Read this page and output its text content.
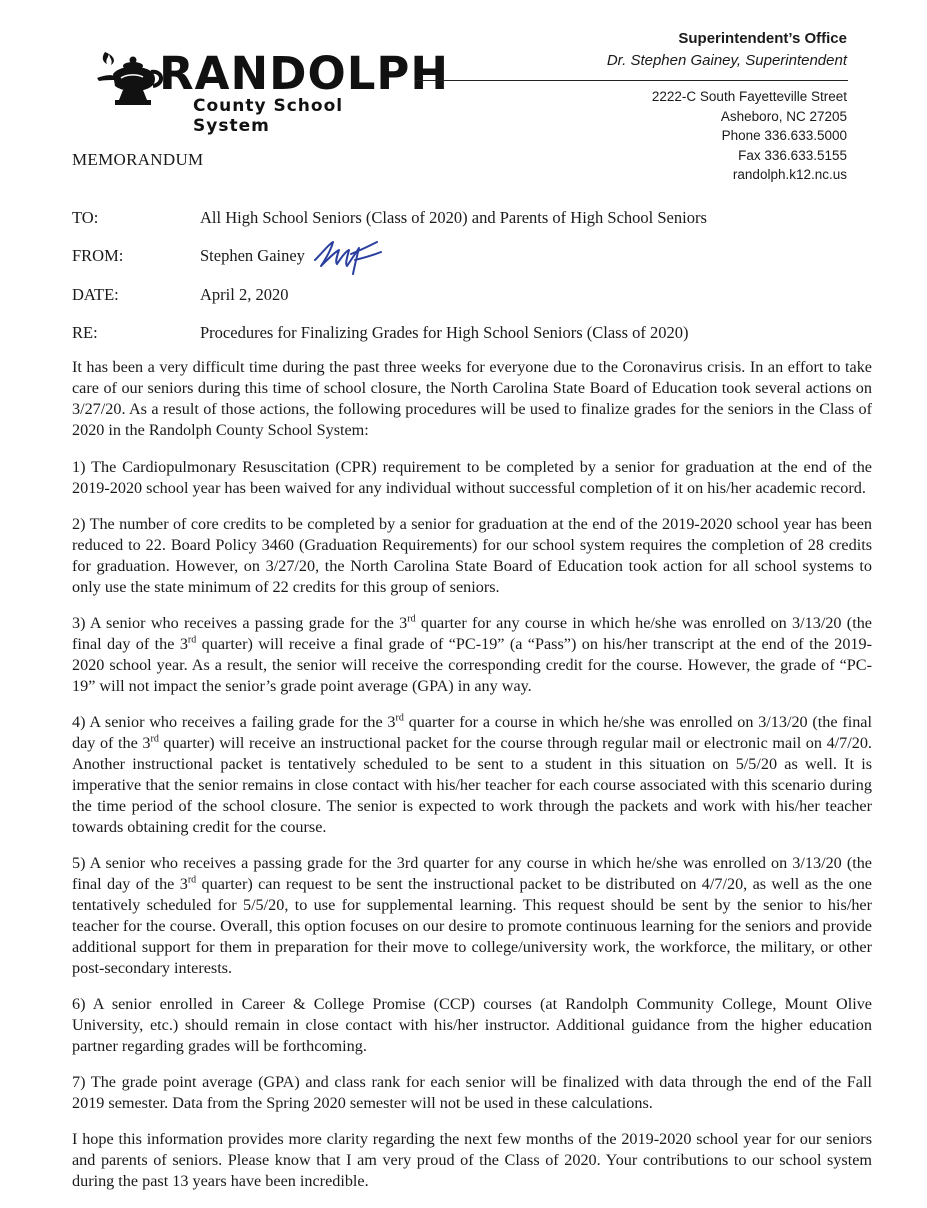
RANDOLPH
County School System
Superintendent’s Office
Dr. Stephen Gainey, Superintendent
2222-C South Fayetteville Street
Asheboro, NC 27205
Phone 336.633.5000
Fax 336.633.5155
randolph.k12.nc.us
MEMORANDUM
TO:	All High School Seniors (Class of 2020) and Parents of High School Seniors
FROM:	Stephen Gainey
DATE:	April 2, 2020
RE:	Procedures for Finalizing Grades for High School Seniors (Class of 2020)

It has been a very difficult time during the past three weeks for everyone due to the Coronavirus crisis. In an effort to take care of our seniors during this time of school closure, the North Carolina State Board of Education took several actions on 3/27/20. As a result of those actions, the following procedures will be used to finalize grades for the seniors in the Class of 2020 in the Randolph County School System:

1) The Cardiopulmonary Resuscitation (CPR) requirement to be completed by a senior for graduation at the end of the 2019-2020 school year has been waived for any individual without successful completion of it on his/her academic record.

2) The number of core credits to be completed by a senior for graduation at the end of the 2019-2020 school year has been reduced to 22. Board Policy 3460 (Graduation Requirements) for our school system requires the completion of 28 credits for graduation. However, on 3/27/20, the North Carolina State Board of Education took action for all school systems to only use the state minimum of 22 credits for this group of seniors.

3) A senior who receives a passing grade for the 3rd quarter for any course in which he/she was enrolled on 3/13/20 (the final day of the 3rd quarter) will receive a final grade of “PC-19” (a “Pass”) on his/her transcript at the end of the 2019-2020 school year. As a result, the senior will receive the corresponding credit for the course. However, the grade of “PC-19” will not impact the senior’s grade point average (GPA) in any way.

4) A senior who receives a failing grade for the 3rd quarter for a course in which he/she was enrolled on 3/13/20 (the final day of the 3rd quarter) will receive an instructional packet for the course through regular mail or electronic mail on 4/7/20. Another instructional packet is tentatively scheduled to be sent to a student in this situation on 5/5/20 as well. It is imperative that the senior remains in close contact with his/her teacher for each course associated with this scenario during the time period of the school closure. The senior is expected to work through the packets and work with his/her teacher towards obtaining credit for the course.

5) A senior who receives a passing grade for the 3rd quarter for any course in which he/she was enrolled on 3/13/20 (the final day of the 3rd quarter) can request to be sent the instructional packet to be distributed on 4/7/20, as well as the one tentatively scheduled for 5/5/20, to use for supplemental learning. This request should be sent by the senior to his/her teacher for the course. Overall, this option focuses on our desire to promote continuous learning for the seniors and provide additional support for them in preparation for their move to college/university work, the workforce, the military, or other post-secondary interests.

6) A senior enrolled in Career & College Promise (CCP) courses (at Randolph Community College, Mount Olive University, etc.) should remain in close contact with his/her instructor. Additional guidance from the higher education partner regarding grades will be forthcoming.

7) The grade point average (GPA) and class rank for each senior will be finalized with data through the end of the Fall 2019 semester. Data from the Spring 2020 semester will not be used in these calculations.

I hope this information provides more clarity regarding the next few months of the 2019-2020 school year for our seniors and parents of seniors. Please know that I am very proud of the Class of 2020. Your contributions to our school system during the past 13 years have been incredible.
